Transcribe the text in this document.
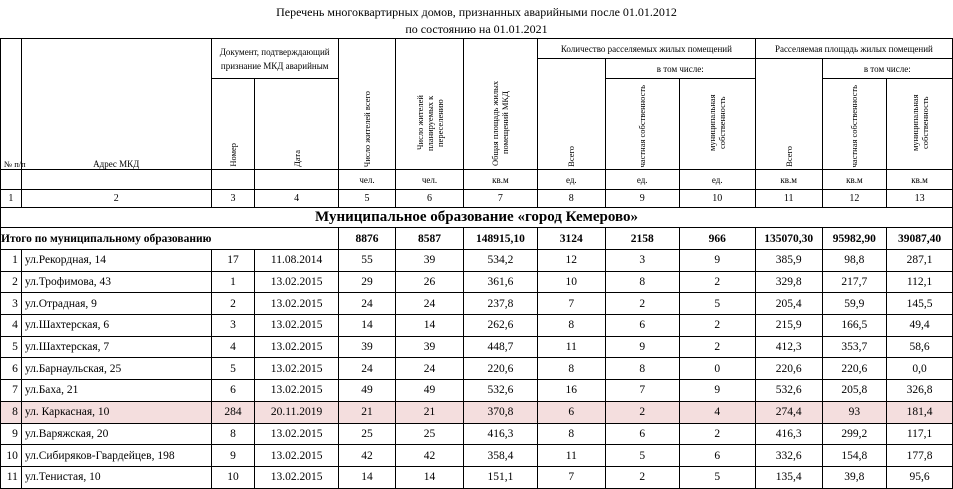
Перечень многоквартирных домов, признанных аварийными после 01.01.2012
по состоянию на 01.01.2021
№ п/п	Адрес МКД	Документ, подтверждающий признание МКД аварийным		Число жителей всего	Число жителей планируемых к переселению	Общая площадь жилых помещений МКД	Количество расселяемых жилых помещений			Расселяемая площадь жилых помещений		
							Всего	в том числе:		Всего	в том числе:	
		Номер	Дата					частная собственность	муниципальная собственность		частная собственность	муниципальная собственность
				чел.	чел.	кв.м	ед.	ед.	ед.	кв.м	кв.м	кв.м
1	2	3	4	5	6	7	8	9	10	11	12	13
Муниципальное образование «город Кемерово»												
Итого по муниципальному образованию				8876	8587	148915,10	3124	2158	966	135070,30	95982,90	39087,40
1	ул.Рекордная, 14	17	11.08.2014	55	39	534,2	12	3	9	385,9	98,8	287,1
2	ул.Трофимова, 43	1	13.02.2015	29	26	361,6	10	8	2	329,8	217,7	112,1
3	ул.Отрадная, 9	2	13.02.2015	24	24	237,8	7	2	5	205,4	59,9	145,5
4	ул.Шахтерская, 6	3	13.02.2015	14	14	262,6	8	6	2	215,9	166,5	49,4
5	ул.Шахтерская, 7	4	13.02.2015	39	39	448,7	11	9	2	412,3	353,7	58,6
6	ул.Барнаульская, 25	5	13.02.2015	24	24	220,6	8	8	0	220,6	220,6	0,0
7	ул.Баха, 21	6	13.02.2015	49	49	532,6	16	7	9	532,6	205,8	326,8
8	ул. Каркасная, 10	284	20.11.2019	21	21	370,8	6	2	4	274,4	93	181,4
9	ул.Варяжская, 20	8	13.02.2015	25	25	416,3	8	6	2	416,3	299,2	117,1
10	ул.Сибиряков-Гвардейцев, 198	9	13.02.2015	42	42	358,4	11	5	6	332,6	154,8	177,8
11	ул.Тенистая, 10	10	13.02.2015	14	14	151,1	7	2	5	135,4	39,8	95,6
